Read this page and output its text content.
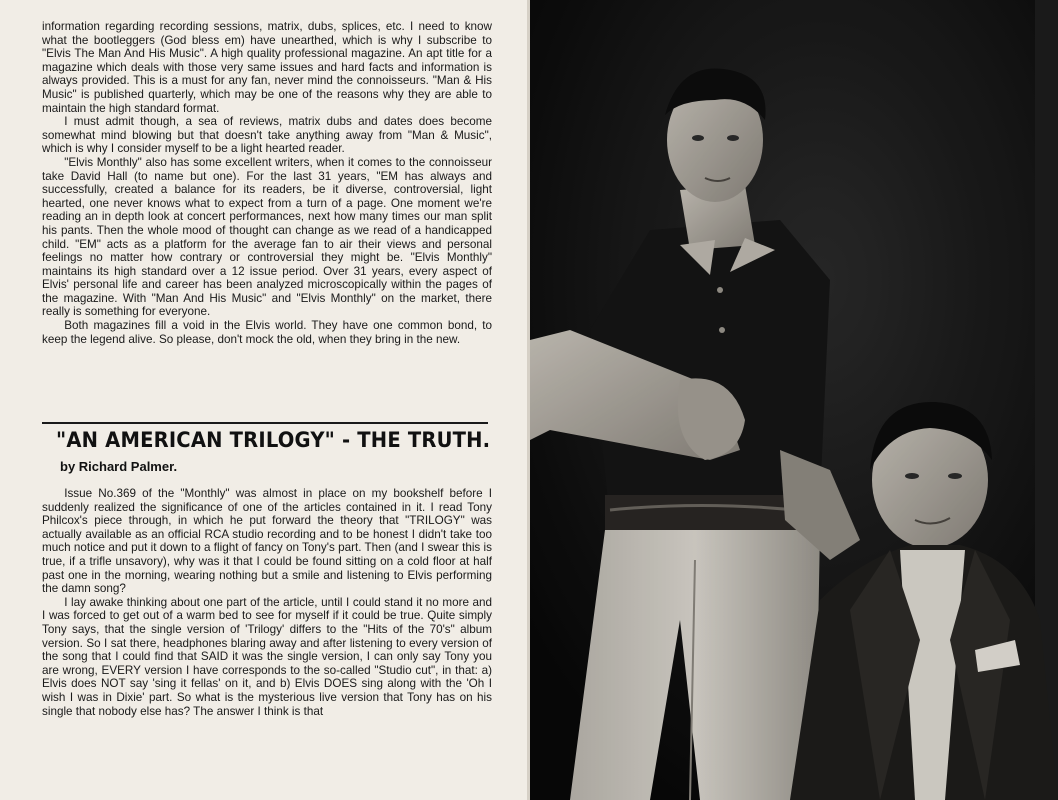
information regarding recording sessions, matrix, dubs, splices, etc. I need to know what the bootleggers (God bless em) have unearthed, which is why I subscribe to "Elvis The Man And His Music". A high quality professional magazine. An apt title for a magazine which deals with those very same issues and hard facts and information is always provided. This is a must for any fan, never mind the connoisseurs. "Man & His Music" is published quarterly, which may be one of the reasons why they are able to maintain the high standard format.

I must admit though, a sea of reviews, matrix dubs and dates does become somewhat mind blowing but that doesn't take anything away from "Man & Music", which is why I consider myself to be a light hearted reader.

"Elvis Monthly" also has some excellent writers, when it comes to the connoisseur take David Hall (to name but one). For the last 31 years, "EM has always and successfully, created a balance for its readers, be it diverse, controversial, light hearted, one never knows what to expect from a turn of a page. One moment we're reading an in depth look at concert performances, next how many times our man split his pants. Then the whole mood of thought can change as we read of a handicapped child. "EM" acts as a platform for the average fan to air their views and personal feelings no matter how contrary or controversial they might be. "Elvis Monthly" maintains its high standard over a 12 issue period. Over 31 years, every aspect of Elvis' personal life and career has been analyzed microscopically within the pages of the magazine. With "Man And His Music" and "Elvis Monthly" on the market, there really is something for everyone.

Both magazines fill a void in the Elvis world. They have one common bond, to keep the legend alive. So please, don't mock the old, when they bring in the new.

"AN AMERICAN TRILOGY" - THE TRUTH.
by Richard Palmer.

Issue No.369 of the "Monthly" was almost in place on my bookshelf before I suddenly realized the significance of one of the articles contained in it. I read Tony Philcox's piece through, in which he put forward the theory that "TRILOGY" was actually available as an official RCA studio recording and to be honest I didn't take too much notice and put it down to a flight of fancy on Tony's part. Then (and I swear this is true, if a trifle unsavory), why was it that I could be found sitting on a cold floor at half past one in the morning, wearing nothing but a smile and listening to Elvis performing the damn song?

I lay awake thinking about one part of the article, until I could stand it no more and I was forced to get out of a warm bed to see for myself if it could be true. Quite simply Tony says, that the single version of 'Trilogy' differs to the "Hits of the 70's" album version. So I sat there, headphones blaring away and after listening to every version of the song that I could find that SAID it was the single version, I can only say Tony you are wrong, EVERY version I have corresponds to the so-called "Studio cut", in that: a) Elvis does NOT say 'sing it fellas' on it, and b) Elvis DOES sing along with the 'Oh I wish I was in Dixie' part. So what is the mysterious live version that Tony has on his single that nobody else has? The answer I think is that
